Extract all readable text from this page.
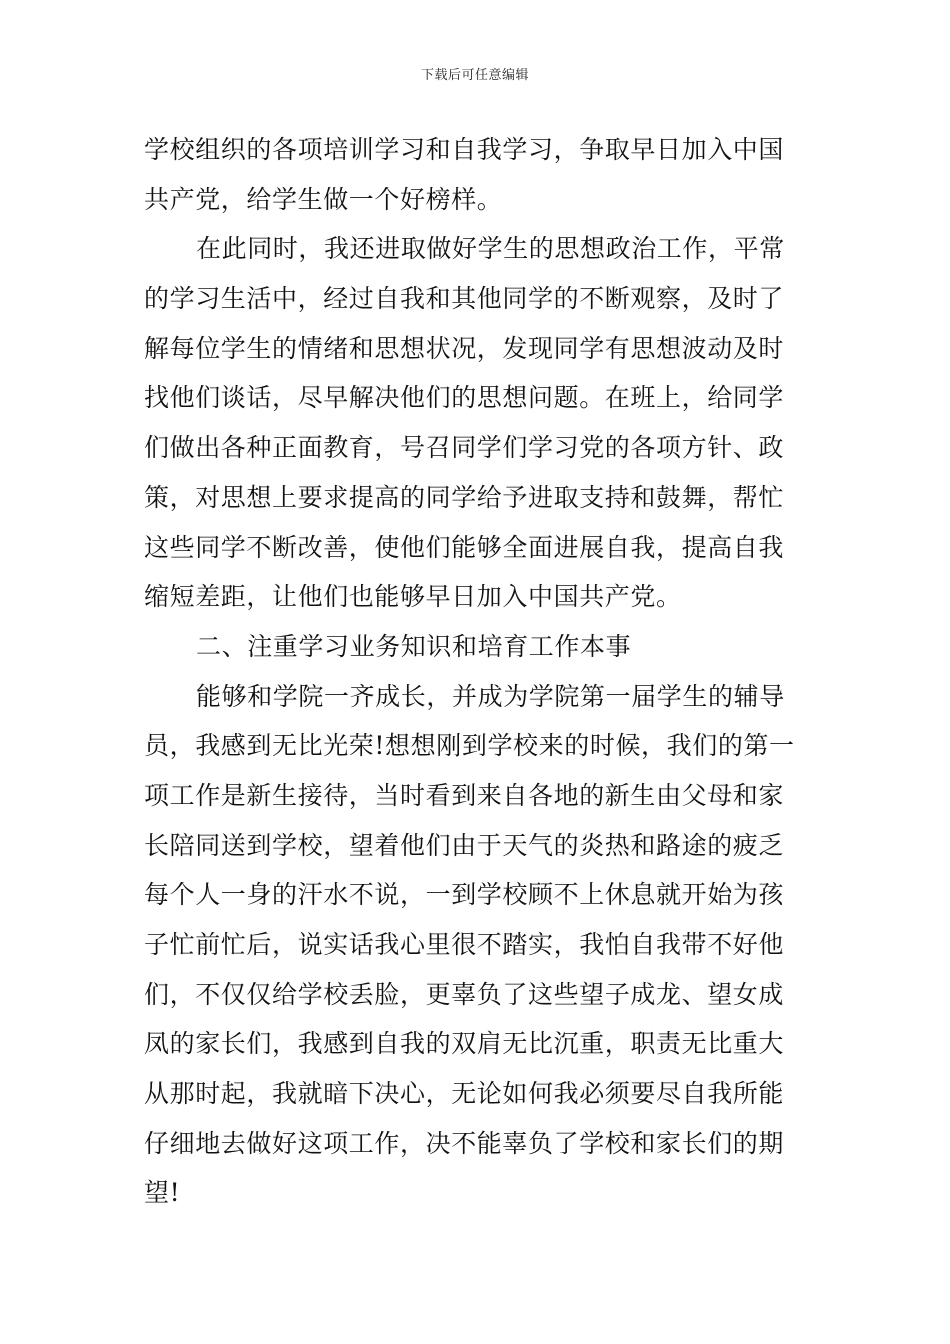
下载后可任意编辑
学校组织的各项培训学习和自我学习，争取早日加入中国
共产党，给学生做一个好榜样。
在此同时，我还进取做好学生的思想政治工作，平常
的学习生活中，经过自我和其他同学的不断观察，及时了
解每位学生的情绪和思想状况，发现同学有思想波动及时
找他们谈话，尽早解决他们的思想问题。在班上，给同学
们做出各种正面教育，号召同学们学习党的各项方针、政
策，对思想上要求提高的同学给予进取支持和鼓舞，帮忙
这些同学不断改善，使他们能够全面进展自我，提高自我
缩短差距，让他们也能够早日加入中国共产党。
二、注重学习业务知识和培育工作本事
能够和学院一齐成长，并成为学院第一届学生的辅导
员，我感到无比光荣!想想刚到学校来的时候，我们的第一
项工作是新生接待，当时看到来自各地的新生由父母和家
长陪同送到学校，望着他们由于天气的炎热和路途的疲乏
每个人一身的汗水不说，一到学校顾不上休息就开始为孩
子忙前忙后，说实话我心里很不踏实，我怕自我带不好他
们，不仅仅给学校丢脸，更辜负了这些望子成龙、望女成
凤的家长们，我感到自我的双肩无比沉重，职责无比重大
从那时起，我就暗下决心，无论如何我必须要尽自我所能
仔细地去做好这项工作，决不能辜负了学校和家长们的期
望!
